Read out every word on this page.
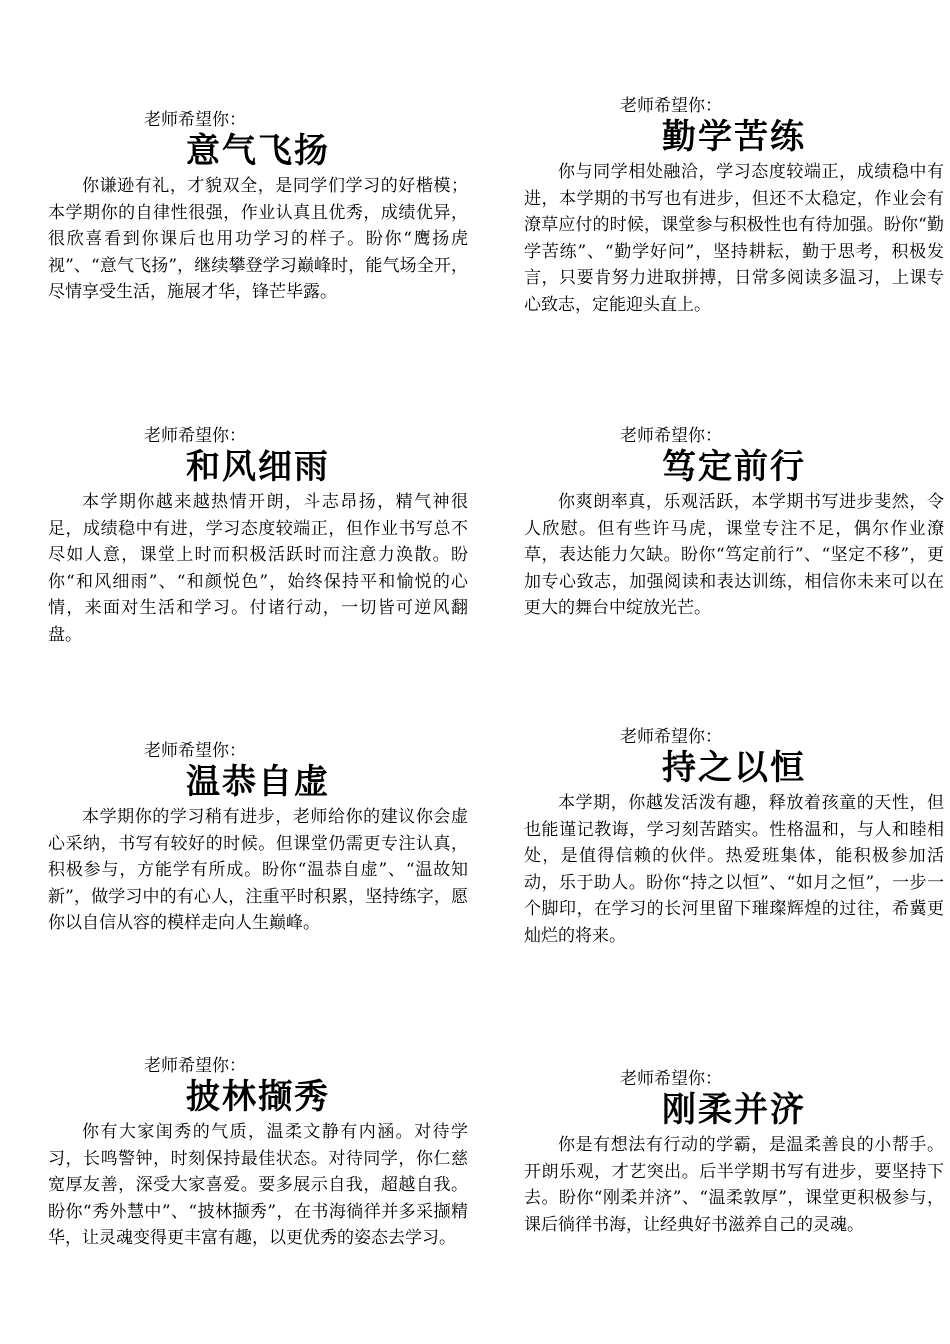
老师希望你：

意气飞扬

你谦逊有礼，才貌双全，是同学们学习的好楷模；本学期你的自律性很强，作业认真且优秀，成绩优异，很欣喜看到你课后也用功学习的样子。盼你“鹰扬虎视”、“意气飞扬”，继续攀登学习巅峰时，能气场全开，尽情享受生活，施展才华，锋芒毕露。

老师希望你：

勤学苦练

你与同学相处融洽，学习态度较端正，成绩稳中有进，本学期的书写也有进步，但还不太稳定，作业会有潦草应付的时候，课堂参与积极性也有待加强。盼你“勤学苦练”、“勤学好问”，坚持耕耘，勤于思考，积极发言，只要肯努力进取拼搏，日常多阅读多温习，上课专心致志，定能迎头直上。

老师希望你：

和风细雨

本学期你越来越热情开朗，斗志昂扬，精气神很足，成绩稳中有进，学习态度较端正，但作业书写总不尽如人意，课堂上时而积极活跃时而注意力涣散。盼你“和风细雨”、“和颜悦色”，始终保持平和愉悦的心情，来面对生活和学习。付诸行动，一切皆可逆风翻盘。

老师希望你：

笃定前行

你爽朗率真，乐观活跃，本学期书写进步斐然，令人欣慰。但有些许马虎，课堂专注不足，偶尔作业潦草，表达能力欠缺。盼你“笃定前行”、“坚定不移”，更加专心致志，加强阅读和表达训练，相信你未来可以在更大的舞台中绽放光芒。

老师希望你：

温恭自虚

本学期你的学习稍有进步，老师给你的建议你会虚心采纳，书写有较好的时候。但课堂仍需更专注认真，积极参与，方能学有所成。盼你“温恭自虚”、“温故知新”，做学习中的有心人，注重平时积累，坚持练字，愿你以自信从容的模样走向人生巅峰。

老师希望你：

持之以恒

本学期，你越发活泼有趣，释放着孩童的天性，但也能谨记教诲，学习刻苦踏实。性格温和，与人和睦相处，是值得信赖的伙伴。热爱班集体，能积极参加活动，乐于助人。盼你“持之以恒”、“如月之恒”，一步一个脚印，在学习的长河里留下璀璨辉煌的过往，希冀更灿烂的将来。

老师希望你：

披林撷秀

你有大家闺秀的气质，温柔文静有内涵。对待学习，长鸣警钟，时刻保持最佳状态。对待同学，你仁慈宽厚友善，深受大家喜爱。要多展示自我，超越自我。盼你“秀外慧中”、“披林撷秀”，在书海徜徉并多采撷精华，让灵魂变得更丰富有趣，以更优秀的姿态去学习。

老师希望你：

刚柔并济

你是有想法有行动的学霸，是温柔善良的小帮手。开朗乐观，才艺突出。后半学期书写有进步，要坚持下去。盼你“刚柔并济”、“温柔敦厚”，课堂更积极参与，课后徜徉书海，让经典好书滋养自己的灵魂。
